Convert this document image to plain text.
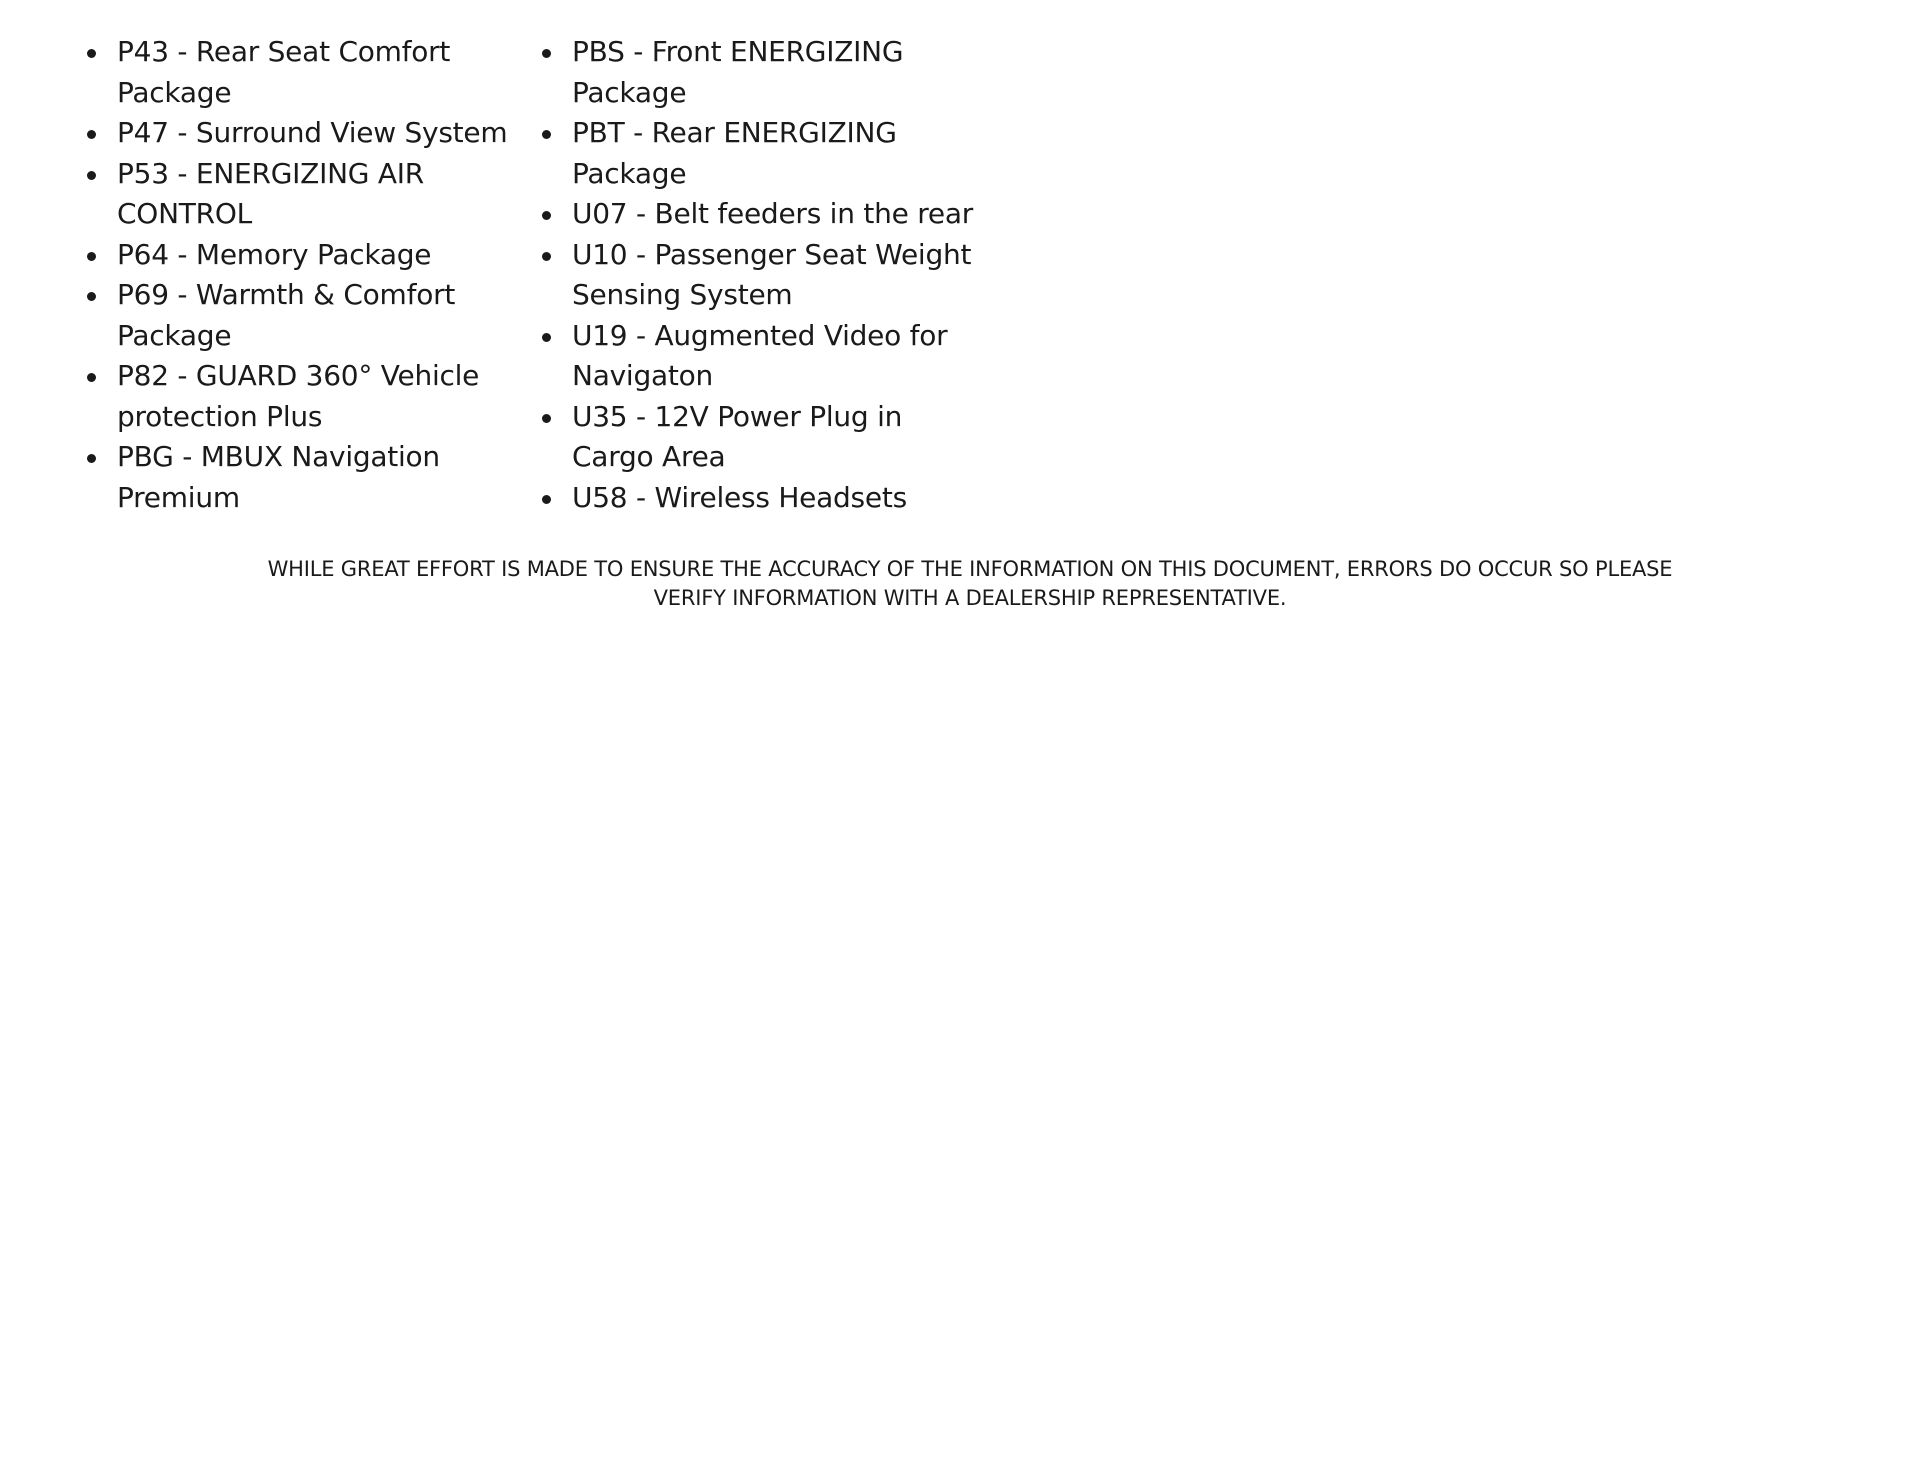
P43 - Rear Seat Comfort Package
P47 - Surround View System
P53 - ENERGIZING AIR CONTROL
P64 - Memory Package
P69 - Warmth & Comfort Package
P82 - GUARD 360° Vehicle protection Plus
PBG - MBUX Navigation Premium
PBS - Front ENERGIZING Package
PBT - Rear ENERGIZING Package
U07 - Belt feeders in the rear
U10 - Passenger Seat Weight Sensing System
U19 - Augmented Video for Navigaton
U35 - 12V Power Plug in Cargo Area
U58 - Wireless Headsets

WHILE GREAT EFFORT IS MADE TO ENSURE THE ACCURACY OF THE INFORMATION ON THIS DOCUMENT, ERRORS DO OCCUR SO PLEASE
VERIFY INFORMATION WITH A DEALERSHIP REPRESENTATIVE.
